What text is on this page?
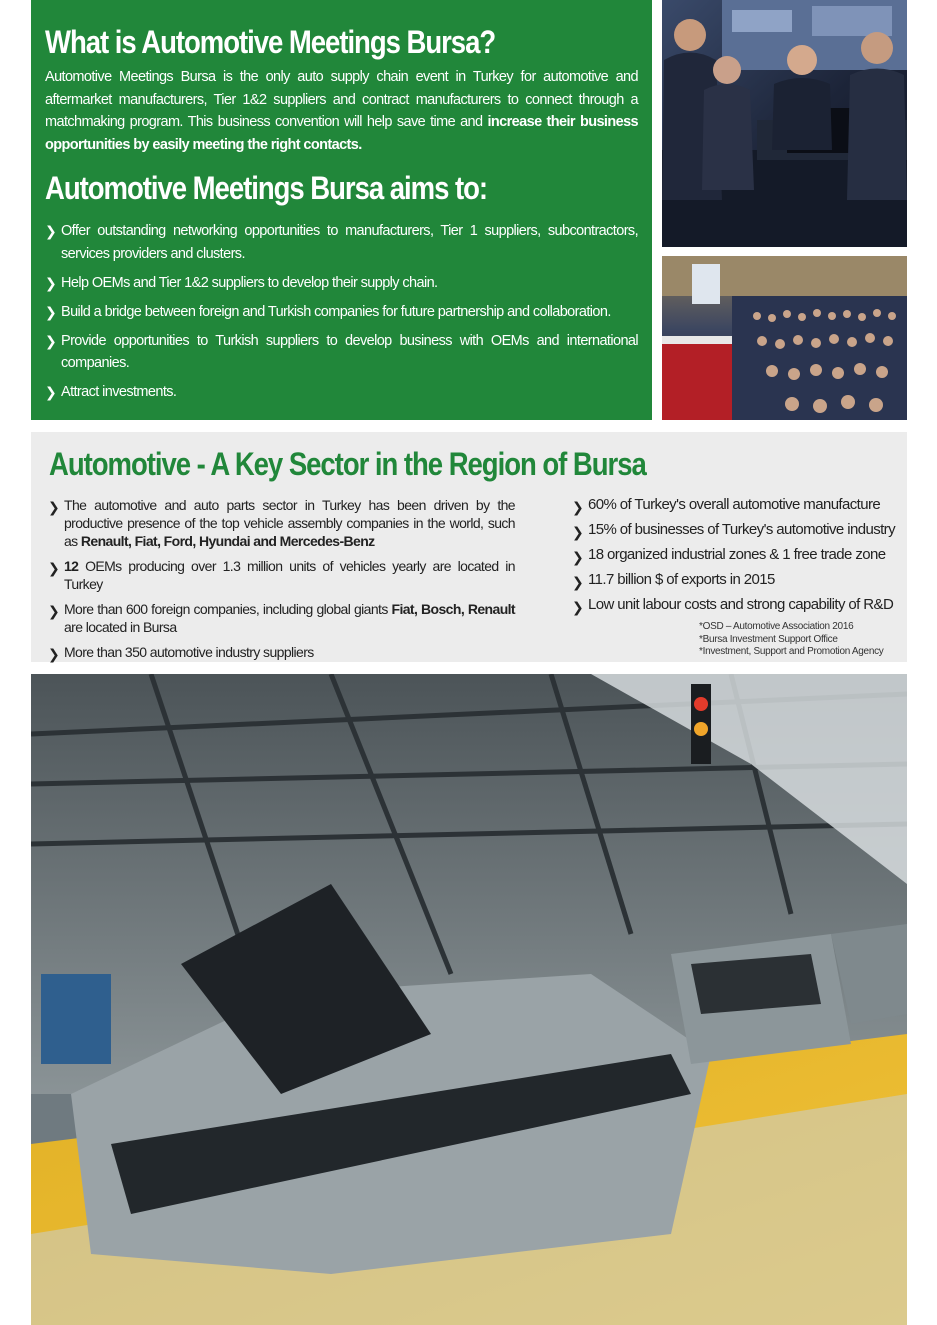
What is Automotive Meetings Bursa?

Automotive Meetings Bursa is the only auto supply chain event in Turkey for automotive and aftermarket manufacturers, Tier 1&2 suppliers and contract manufacturers to connect through a matchmaking program. This business convention will help save time and increase their business opportunities by easily meeting the right contacts.

Automotive Meetings Bursa aims to:
❯ Offer outstanding networking opportunities to manufacturers, Tier 1 suppliers, subcontractors, services providers and clusters.
❯ Help OEMs and Tier 1&2 suppliers to develop their supply chain.
❯ Build a bridge between foreign and Turkish companies for future partnership and collaboration.
❯ Provide opportunities to Turkish suppliers to develop business with OEMs and international companies.
❯ Attract investments.
Automotive - A Key Sector in the Region of Bursa
❯ The automotive and auto parts sector in Turkey has been driven by the productive presence of the top vehicle assembly companies in the world, such as Renault, Fiat, Ford, Hyundai and Mercedes-Benz
❯ 12 OEMs producing over 1.3 million units of vehicles yearly are located in Turkey
❯ More than 600 foreign companies, including global giants Fiat, Bosch, Renault are located in Bursa
❯ More than 350 automotive industry suppliers
❯ 60% of Turkey's overall automotive manufacture
❯ 15% of businesses of Turkey's automotive industry
❯ 18 organized industrial zones & 1 free trade zone
❯ 11.7 billion $ of exports in 2015
❯ Low unit labour costs and strong capability of R&D
*OSD – Automotive Association 2016
*Bursa Investment Support Office
*Investment, Support and Promotion Agency
